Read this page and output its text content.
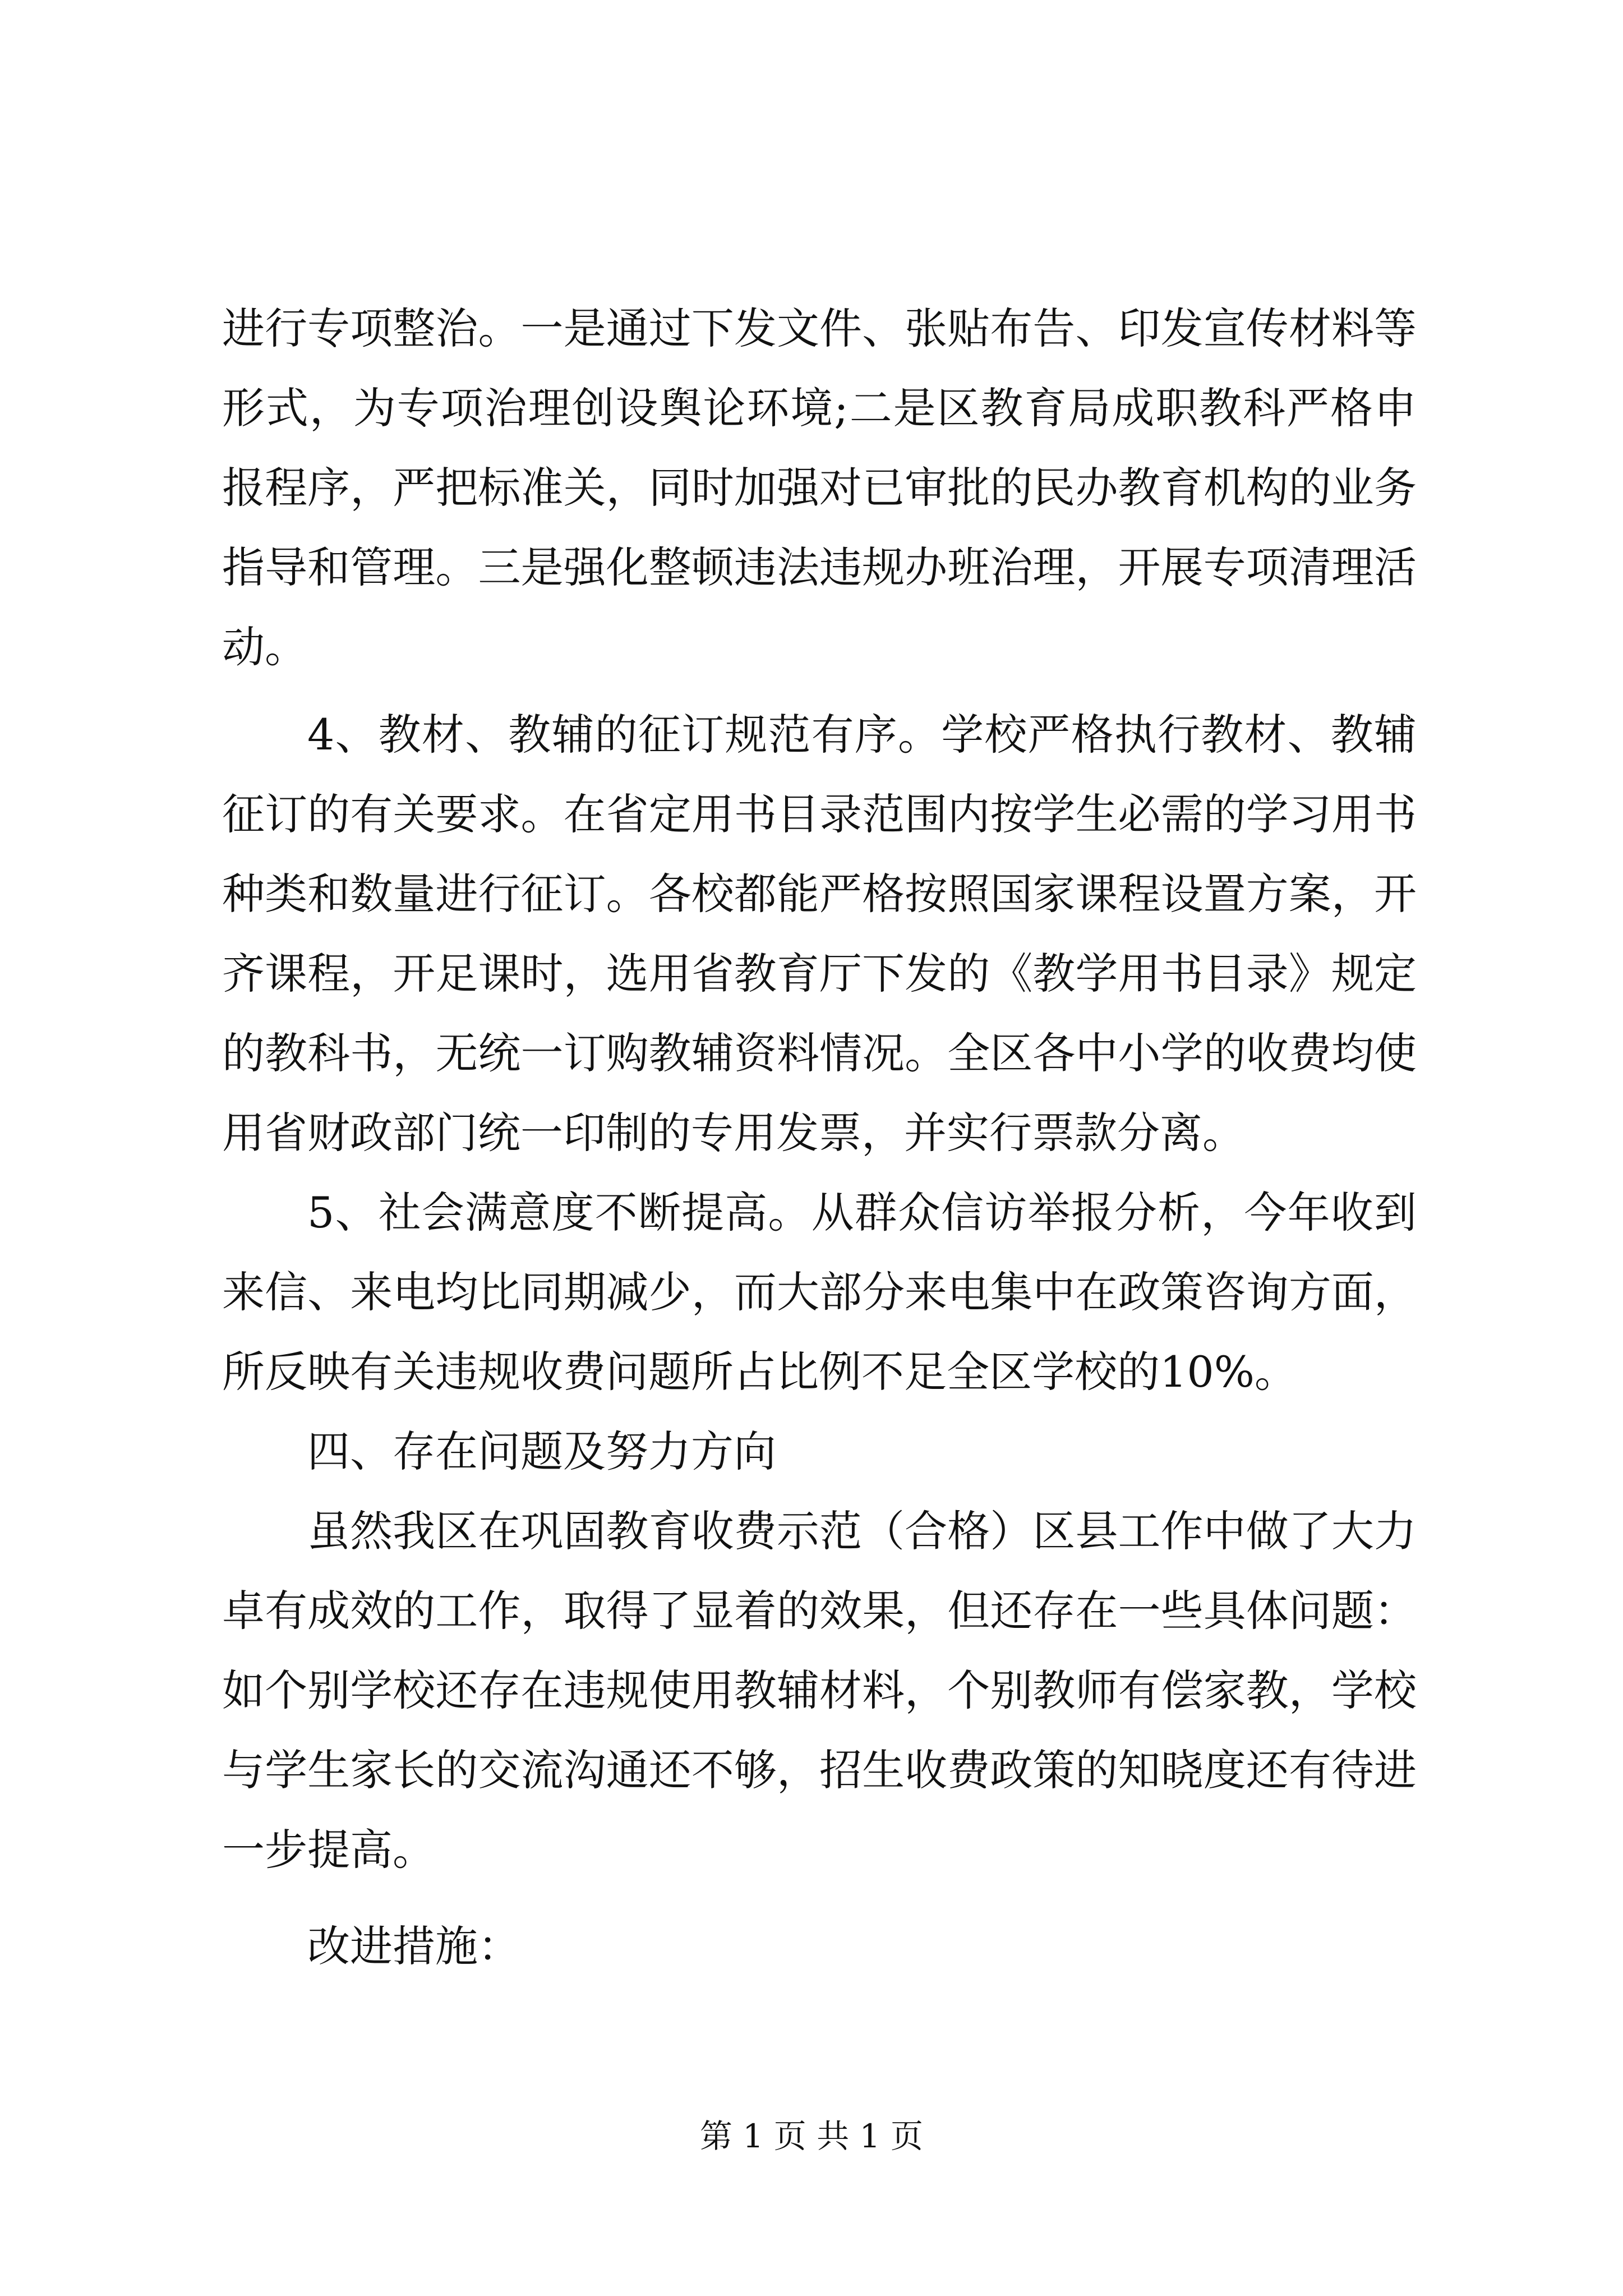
进行专项整治。一是通过下发文件、张贴布告、印发宣传材料等形式，为专项治理创设舆论环境;二是区教育局成职教科严格申报程序，严把标准关，同时加强对已审批的民办教育机构的业务指导和管理。三是强化整顿违法违规办班治理，开展专项清理活动。

4、教材、教辅的征订规范有序。学校严格执行教材、教辅征订的有关要求。在省定用书目录范围内按学生必需的学习用书种类和数量进行征订。各校都能严格按照国家课程设置方案，开齐课程，开足课时，选用省教育厅下发的《教学用书目录》规定的教科书，无统一订购教辅资料情况。全区各中小学的收费均使用省财政部门统一印制的专用发票，并实行票款分离。

5、社会满意度不断提高。从群众信访举报分析，今年收到来信、来电均比同期减少，而大部分来电集中在政策咨询方面，所反映有关违规收费问题所占比例不足全区学校的10%。

四、存在问题及努力方向

虽然我区在巩固教育收费示范（合格）区县工作中做了大力卓有成效的工作，取得了显着的效果，但还存在一些具体问题：如个别学校还存在违规使用教辅材料，个别教师有偿家教，学校与学生家长的交流沟通还不够，招生收费政策的知晓度还有待进一步提高。

改进措施：

第 1 页 共 1 页
